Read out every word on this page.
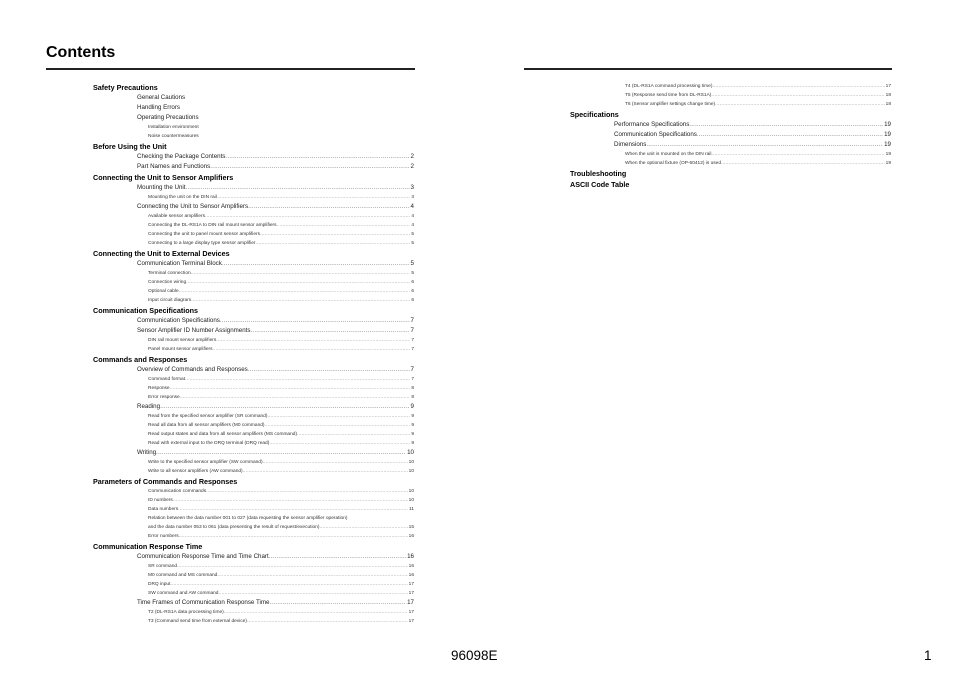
Contents
Safety Precautions
General Cautions
Handling Errors
Operating Precautions
Installation environment
Noise countermeasures
Before Using the Unit
Checking the Package Contents .....	2
Part Names and Functions .....	2
Connecting the Unit to Sensor Amplifiers
Mounting the Unit .....	3
Mounting the unit on the DIN rail .....	3
Connecting the Unit to Sensor Amplifiers .....	4
Available sensor amplifiers .....	4
Connecting the DL-RS1A to DIN rail mount sensor amplifiers .....	4
Connecting the unit to panel mount sensor amplifiers .....	5
Connecting to a large display type sensor amplifier .....	5
Connecting the Unit to External Devices
Communication Terminal Block .....	5
Terminal connection .....	5
Connection wiring .....	6
Optional cable .....	6
Input circuit diagram .....	6
Communication Specifications
Communication Specifications .....	7
Sensor Amplifier ID Number Assignments .....	7
DIN rail mount sensor amplifiers .....	7
Panel mount sensor amplifiers .....	7
Commands and Responses
Overview of Commands and Responses .....	7
Command format .....	7
Response .....	8
Error response .....	8
Reading .....	9
Read from the specified sensor amplifier (SR command) .....	9
Read all data from all sensor amplifiers (M0 command) .....	9
Read output states and data from all sensor amplifiers (MS command) .....	9
Read with external input to the DRQ terminal (DRQ read) .....	9
Writing .....	10
Write to the specified sensor amplifier (SW command) .....	10
Write to all sensor amplifiers (AW command) .....	10
Parameters of Commands and Responses
Communication commands .....	10
ID numbers .....	10
Data numbers .....	11
Relation between the data number 001 to 027 (data requesting the sensor amplifier operation)
and the data number 053 to 061 (data presenting the result of request/execution) .....	15
Error numbers .....	16
Communication Response Time
Communication Response Time and Time Chart .....	16
SR command .....	16
M0 command and MS command .....	16
DRQ input .....	17
SW command and AW command .....	17
Time Frames of Communication Response Time .....	17
T2 (DL-RS1A data processing time) .....	17
T3 (Command send time from external device) .....	17
T4 (DL-RS1A command processing time) .....	17
T5 (Response send time from DL-RS1A) .....	18
T6 (Sensor amplifier settings change time) .....	18
Specifications
Performance Specifications .....	19
Communication Specifications .....	19
Dimensions .....	19
When the unit is mounted on the DIN rail .....	19
When the optional fixture (OP-60412) is used .....	19
Troubleshooting
ASCII Code Table
96098E	1
